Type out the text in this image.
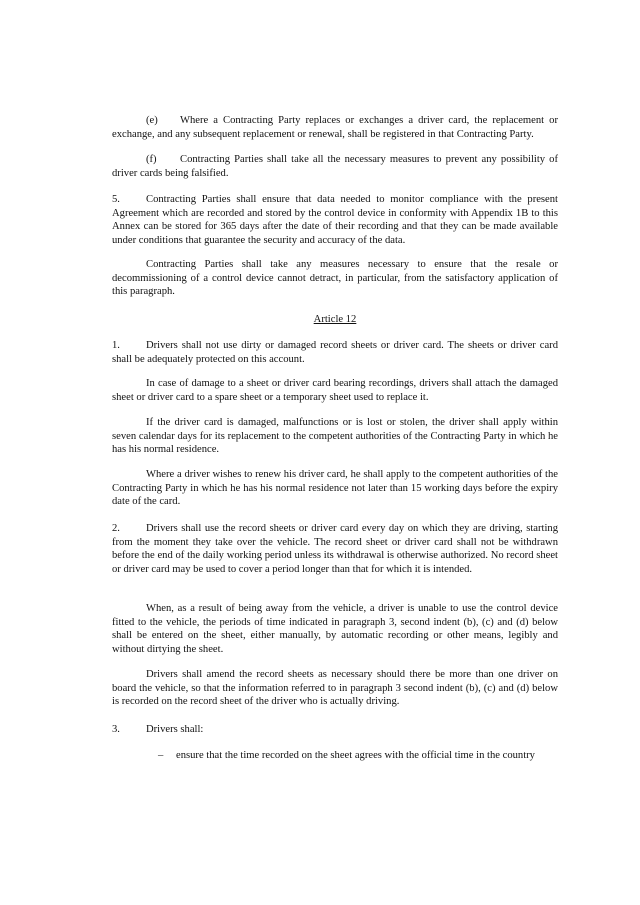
(e) Where a Contracting Party replaces or exchanges a driver card, the replacement or exchange, and any subsequent replacement or renewal, shall be registered in that Contracting Party.

(f) Contracting Parties shall take all the necessary measures to prevent any possibility of driver cards being falsified.

5. Contracting Parties shall ensure that data needed to monitor compliance with the present Agreement which are recorded and stored by the control device in conformity with Appendix 1B to this Annex can be stored for 365 days after the date of their recording and that they can be made available under conditions that guarantee the security and accuracy of the data.

Contracting Parties shall take any measures necessary to ensure that the resale or decommissioning of a control device cannot detract, in particular, from the satisfactory application of this paragraph.

Article 12

1. Drivers shall not use dirty or damaged record sheets or driver card. The sheets or driver card shall be adequately protected on this account.

In case of damage to a sheet or driver card bearing recordings, drivers shall attach the damaged sheet or driver card to a spare sheet or a temporary sheet used to replace it.

If the driver card is damaged, malfunctions or is lost or stolen, the driver shall apply within seven calendar days for its replacement to the competent authorities of the Contracting Party in which he has his normal residence.

Where a driver wishes to renew his driver card, he shall apply to the competent authorities of the Contracting Party in which he has his normal residence not later than 15 working days before the expiry date of the card.

2. Drivers shall use the record sheets or driver card every day on which they are driving, starting from the moment they take over the vehicle. The record sheet or driver card shall not be withdrawn before the end of the daily working period unless its withdrawal is otherwise authorized. No record sheet or driver card may be used to cover a period longer than that for which it is intended.

When, as a result of being away from the vehicle, a driver is unable to use the control device fitted to the vehicle, the periods of time indicated in paragraph 3, second indent (b), (c) and (d) below shall be entered on the sheet, either manually, by automatic recording or other means, legibly and without dirtying the sheet.

Drivers shall amend the record sheets as necessary should there be more than one driver on board the vehicle, so that the information referred to in paragraph 3 second indent (b), (c) and (d) below is recorded on the record sheet of the driver who is actually driving.

3. Drivers shall:

– ensure that the time recorded on the sheet agrees with the official time in the country
